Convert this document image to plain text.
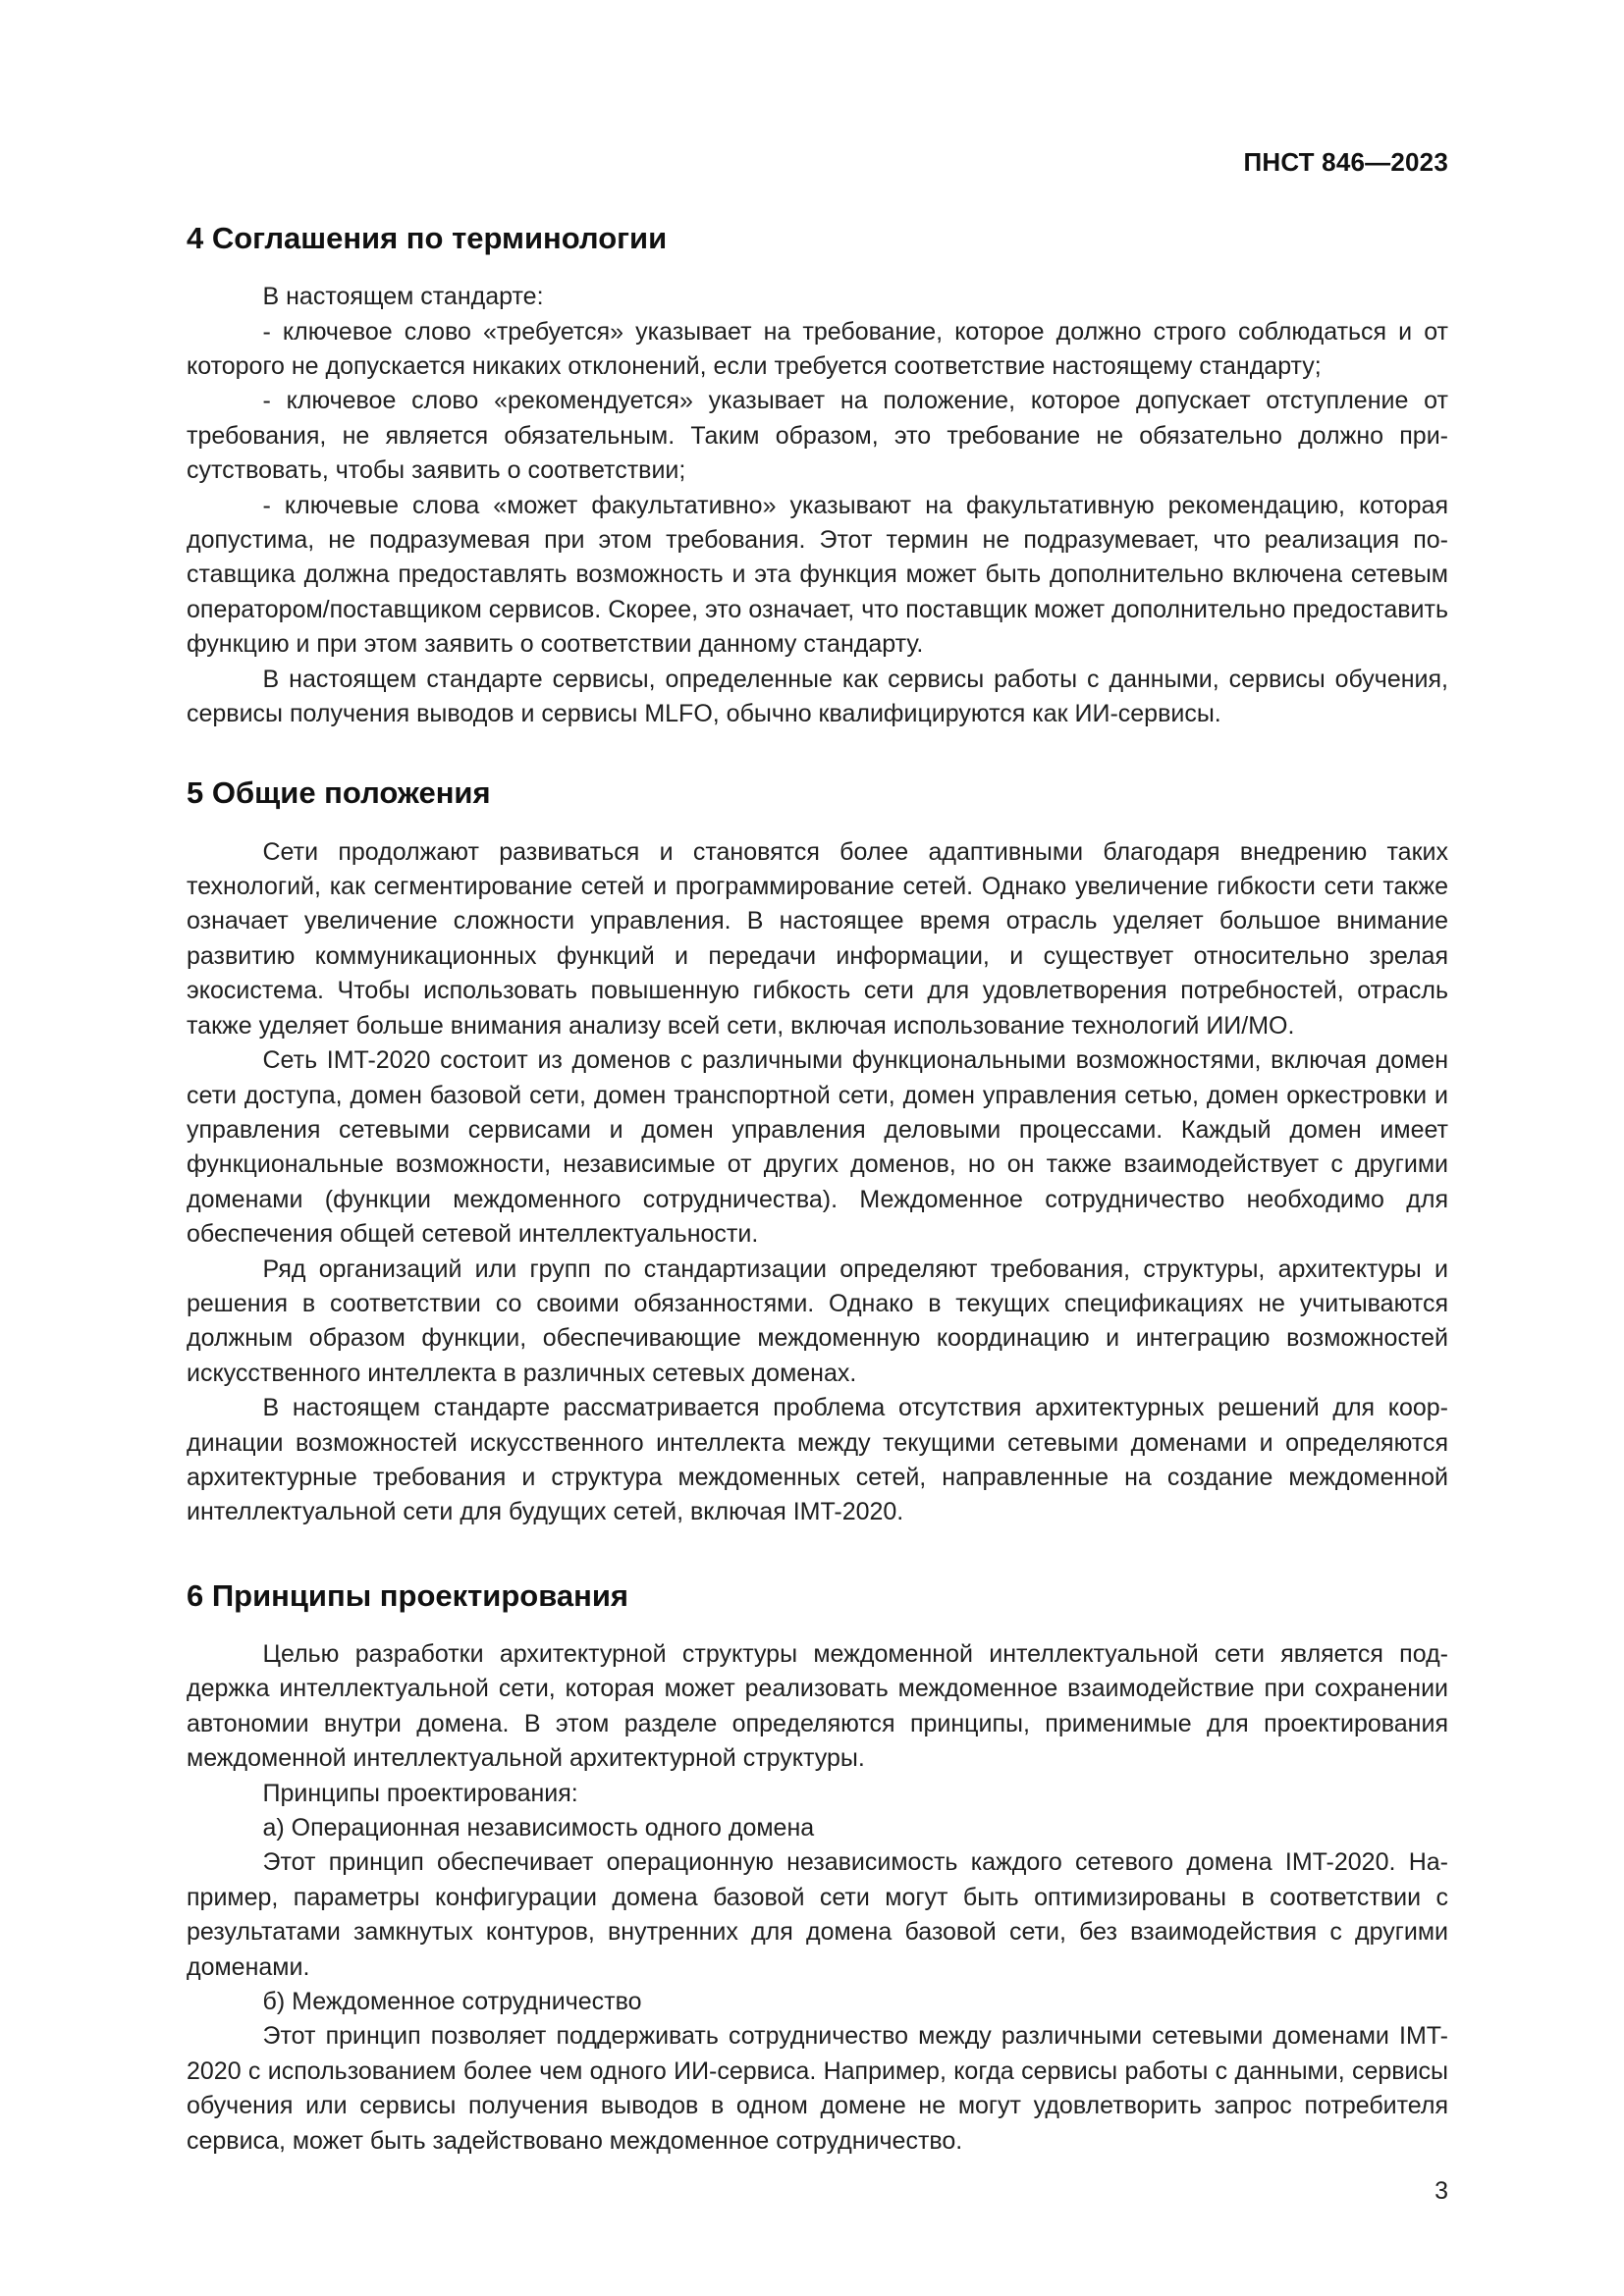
ПНСТ 846—2023
4 Соглашения по терминологии

В настоящем стандарте:

- ключевое слово «требуется» указывает на требование, которое должно строго соблюдаться и от которого не допускается никаких отклонений, если требуется соответствие настоящему стандарту;

- ключевое слово «рекомендуется» указывает на положение, которое допускает отступление от требования, не является обязательным. Таким образом, это требование не обязательно должно присутствовать, чтобы заявить о соответствии;

- ключевые слова «может факультативно» указывают на факультативную рекомендацию, которая допустима, не подразумевая при этом требования. Этот термин не подразумевает, что реализация поставщика должна предоставлять возможность и эта функция может быть дополнительно включена сетевым оператором/поставщиком сервисов. Скорее, это означает, что поставщик может дополнительно предоставить функцию и при этом заявить о соответствии данному стандарту.

В настоящем стандарте сервисы, определенные как сервисы работы с данными, сервисы обучения, сервисы получения выводов и сервисы MLFO, обычно квалифицируются как ИИ-сервисы.

5 Общие положения

Сети продолжают развиваться и становятся более адаптивными благодаря внедрению таких технологий, как сегментирование сетей и программирование сетей. Однако увеличение гибкости сети также означает увеличение сложности управления. В настоящее время отрасль уделяет большое внимание развитию коммуникационных функций и передачи информации, и существует относительно зрелая экосистема. Чтобы использовать повышенную гибкость сети для удовлетворения потребностей, отрасль также уделяет больше внимания анализу всей сети, включая использование технологий ИИ/МО.

Сеть IMT-2020 состоит из доменов с различными функциональными возможностями, включая домен сети доступа, домен базовой сети, домен транспортной сети, домен управления сетью, домен оркестровки и управления сетевыми сервисами и домен управления деловыми процессами. Каждый домен имеет функциональные возможности, независимые от других доменов, но он также взаимодействует с другими доменами (функции междоменного сотрудничества). Междоменное сотрудничество необходимо для обеспечения общей сетевой интеллектуальности.

Ряд организаций или групп по стандартизации определяют требования, структуры, архитектуры и решения в соответствии со своими обязанностями. Однако в текущих спецификациях не учитываются должным образом функции, обеспечивающие междоменную координацию и интеграцию возможностей искусственного интеллекта в различных сетевых доменах.

В настоящем стандарте рассматривается проблема отсутствия архитектурных решений для координации возможностей искусственного интеллекта между текущими сетевыми доменами и определяются архитектурные требования и структура междоменных сетей, направленные на создание междоменной интеллектуальной сети для будущих сетей, включая IMT-2020.

6 Принципы проектирования

Целью разработки архитектурной структуры междоменной интеллектуальной сети является поддержка интеллектуальной сети, которая может реализовать междоменное взаимодействие при сохранении автономии внутри домена. В этом разделе определяются принципы, применимые для проектирования междоменной интеллектуальной архитектурной структуры.

Принципы проектирования:

а) Операционная независимость одного домена

Этот принцип обеспечивает операционную независимость каждого сетевого домена IMT-2020. Например, параметры конфигурации домена базовой сети могут быть оптимизированы в соответствии с результатами замкнутых контуров, внутренних для домена базовой сети, без взаимодействия с другими доменами.

б) Междоменное сотрудничество

Этот принцип позволяет поддерживать сотрудничество между различными сетевыми доменами IMT-2020 с использованием более чем одного ИИ-сервиса. Например, когда сервисы работы с данными, сервисы обучения или сервисы получения выводов в одном домене не могут удовлетворить запрос потребителя сервиса, может быть задействовано междоменное сотрудничество.

3
